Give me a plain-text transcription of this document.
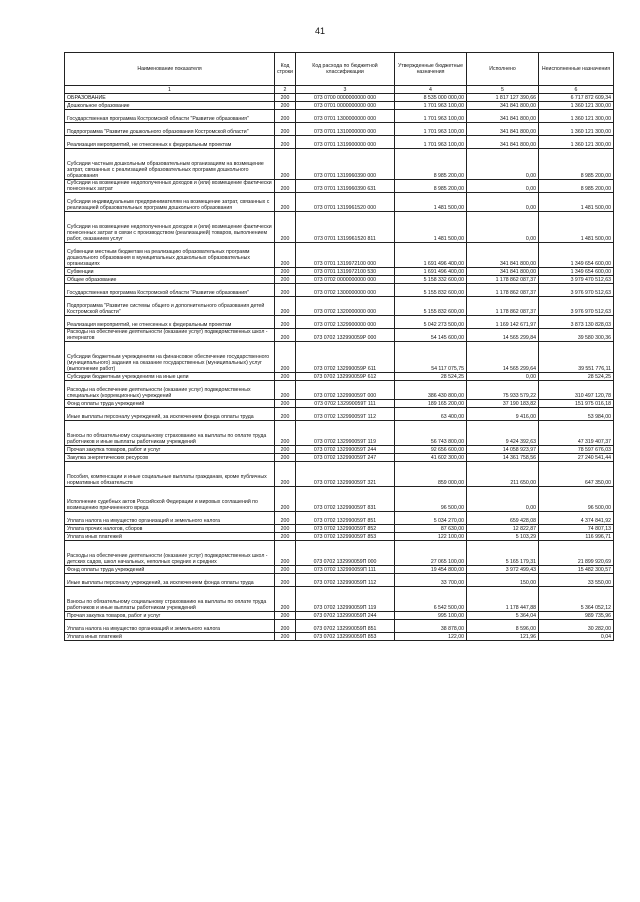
41
Наименование показателя	Код строки	Код расхода по бюджетной классификации	Утвержденные бюджетные назначения	Исполнено	Неисполненные назначения
1	2	3	4	5	6
ОБРАЗОВАНИЕ	200	073 0700 0000000000 000	8 535 000 000,00	1 817 127 390,66	6 717 872 609,34
Дошкольное образование	200	073 0701 0000000000 000	1 701 963 100,00	341 841 800,00	1 360 121 300,00
Государственная программа Костромской области "Развитие образования"	200	073 0701 1300000000 000	1 701 963 100,00	341 841 800,00	1 360 121 300,00
Подпрограмма "Развитие дошкольного образования Костромской области"	200	073 0701 1310000000 000	1 701 963 100,00	341 841 800,00	1 360 121 300,00
Реализация мероприятий, не отнесенных к федеральным проектам	200	073 0701 1319900000 000	1 701 963 100,00	341 841 800,00	1 360 121 300,00
Субсидии частным дошкольным образовательным организациям на возмещение затрат, связанных с реализацией образовательных программ дошкольного образования	200	073 0701 1319960390 000	8 985 200,00	0,00	8 985 200,00
Субсидии на возмещение недополученных доходов и (или) возмещение фактически понесенных затрат	200	073 0701 1319960390 631	8 985 200,00	0,00	8 985 200,00
Субсидии индивидуальным предпринимателям на возмещение затрат, связанных с реализацией образовательных программ дошкольного образования	200	073 0701 1319961520 000	1 481 500,00	0,00	1 481 500,00
Субсидии на возмещение недополученных доходов и (или) возмещение фактически понесенных затрат в связи с производством (реализацией) товаров, выполнением работ, оказанием услуг	200	073 0701 1319961520 811	1 481 500,00	0,00	1 481 500,00
Субвенции местным бюджетам на реализацию образовательных программ дошкольного образования в муниципальных дошкольных образовательных организациях	200	073 0701 1319972100 000	1 691 496 400,00	341 841 800,00	1 349 654 600,00
Субвенции	200	073 0701 1319972100 530	1 691 496 400,00	341 841 800,00	1 349 654 600,00
Общее образование	200	073 0702 0000000000 000	5 158 332 600,00	1 178 862 087,37	3 979 470 512,63
Государственная программа Костромской области "Развитие образования"	200	073 0702 1300000000 000	5 155 832 600,00	1 178 862 087,37	3 976 970 512,63
Подпрограмма "Развитие системы общего и дополнительного образования детей Костромской области"	200	073 0702 1320000000 000	5 155 832 600,00	1 178 862 087,37	3 976 970 512,63
Реализация мероприятий, не отнесенных к федеральным проектам	200	073 0702 1329900000 000	5 042 273 500,00	1 169 142 671,97	3 873 130 828,03
Расходы на обеспечение деятельности (оказание услуг) подведомственных школ - интернатов	200	073 0702 132990059Р 000	54 145 600,00	14 565 299,84	39 580 300,36
Субсидии бюджетным учреждениям на финансовое обеспечение государственного (муниципального) задания на оказание государственных (муниципальных) услуг (выполнение работ)	200	073 0702 132990059Р 611	54 117 075,75	14 565 299,64	39 551 776,11
Субсидии бюджетным учреждениям на иные цели	200	073 0702 132990059Р 612	28 524,25	0,00	28 524,25
Расходы на обеспечение деятельности (оказание услуг) подведомственных специальных (коррекционных) учреждений	200	073 0702 132990059Т 000	386 430 800,00	75 933 579,22	310 497 120,78
Фонд оплаты труда учреждений	200	073 0702 132990059Т 111	189 165 200,00	37 190 183,82	151 975 016,18
Иные выплаты персоналу учреждений, за исключением фонда оплаты труда	200	073 0702 132990059Т 112	63 400,00	9 416,00	53 984,00
Взносы по обязательному социальному страхованию на выплаты по оплате труда работников и иные выплаты работникам учреждений	200	073 0702 132990059Т 119	56 743 800,00	9 424 392,63	47 319 407,37
Прочая закупка товаров, работ и услуг	200	073 0702 132990059Т 244	92 656 600,00	14 058 923,97	78 597 676,03
Закупка энергетических ресурсов	200	073 0702 132990059Т 247	41 602 300,00	14 361 758,56	27 240 541,44
Пособия, компенсации и иные социальные выплаты гражданам, кроме публичных нормативных обязательств	200	073 0702 132990059Т 321	859 000,00	211 650,00	647 350,00
Исполнение судебных актов Российской Федерации и мировых соглашений по возмещению причиненного вреда	200	073 0702 132990059Т 831	96 500,00	0,00	96 500,00
Уплата налога на имущество организаций и земельного налога	200	073 0702 132990059Т 851	5 034 270,00	659 428,08	4 374 841,92
Уплата прочих налогов, сборов	200	073 0702 132990059Т 852	87 630,00	12 822,87	74 807,13
Уплата иных платежей	200	073 0702 132990059Т 853	122 100,00	5 103,29	116 996,71
Расходы на обеспечение деятельности (оказание услуг) подведомственных школ - детских садов, школ начальных, неполных средних и средних	200	073 0702 132990059П 000	27 065 100,00	5 165 179,31	21 899 920,69
Фонд оплаты труда учреждений	200	073 0702 132990059П 111	19 454 800,00	3 972 499,43	15 482 300,57
Иные выплаты персоналу учреждений, за исключением фонда оплаты труда	200	073 0702 132990059П 112	33 700,00	150,00	33 550,00
Взносы по обязательному социальному страхованию на выплаты по оплате труда работников и иные выплаты работникам учреждений	200	073 0702 132990059П 119	6 542 500,00	1 178 447,88	5 364 052,12
Прочая закупка товаров, работ и услуг	200	073 0702 132990059П 244	995 100,00	5 364,04	989 735,96
Уплата налога на имущество организаций и земельного налога	200	073 0702 132990059П 851	38 878,00	8 596,00	30 282,00
Уплата иных платежей	200	073 0702 132990059П 853	122,00	121,96	0,04
